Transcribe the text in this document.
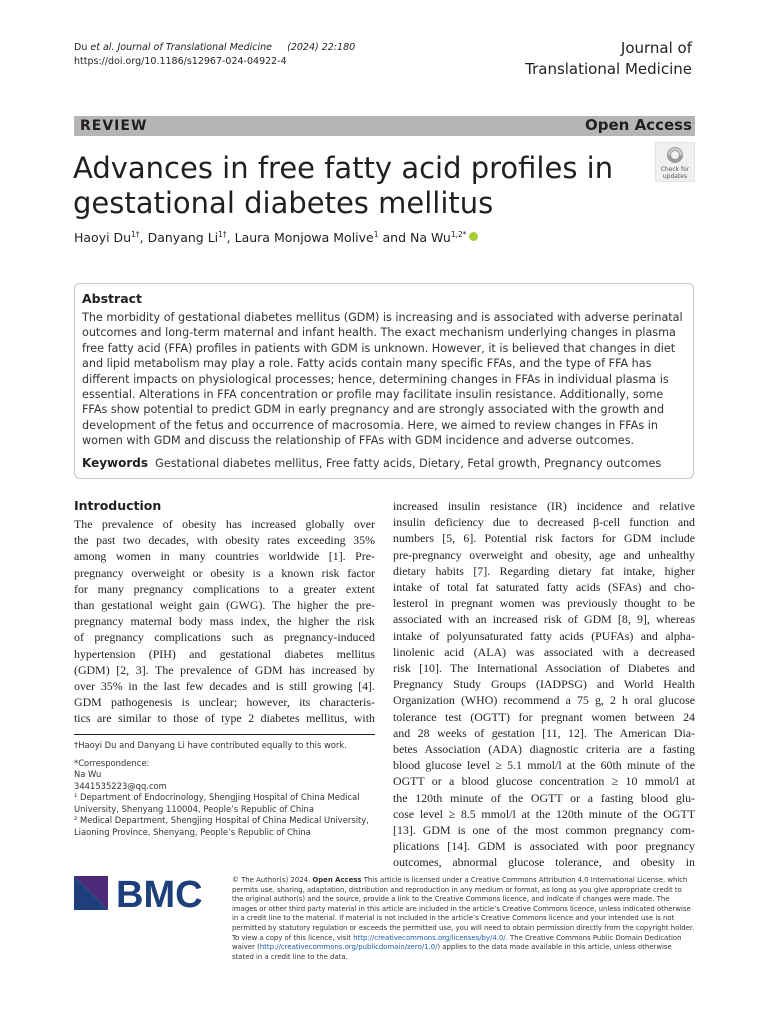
Du et al. Journal of Translational Medicine (2024) 22:180
https://doi.org/10.1186/s12967-024-04922-4
Journal of
Translational Medicine
REVIEW	Open Access
Advances in free fatty acid profiles in gestational diabetes mellitus
Check for
updates
Haoyi $Du^{1\dagger}$, Danyang $Li^{1\dagger}$, Laura Monjowa Molive$^1$ and Na $Wu^{1,2*}$
Abstract
The morbidity of gestational diabetes mellitus (GDM) is increasing and is associated with adverse perinatal outcomes and long-term maternal and infant health. The exact mechanism underlying changes in plasma free fatty acid (FFA) profiles in patients with GDM is unknown. However, it is believed that changes in diet and lipid metabolism may play a role. Fatty acids contain many specific FFAs, and the type of FFA has different impacts on physiological processes; hence, determining changes in FFAs in individual plasma is essential. Alterations in FFA concentration or profile may facilitate insulin resistance. Additionally, some FFAs show potential to predict GDM in early pregnancy and are strongly associated with the growth and development of the fetus and occurrence of macrosomia. Here, we aimed to review changes in FFAs in women with GDM and discuss the relationship of FFAs with GDM incidence and adverse outcomes.
Keywords Gestational diabetes mellitus, Free fatty acids, Dietary, Fetal growth, Pregnancy outcomes
Introduction
The prevalence of obesity has increased globally over
the past two decades, with obesity rates exceeding 35%
among women in many countries worldwide [1]. Pre-
pregnancy overweight or obesity is a known risk factor
for many pregnancy complications to a greater extent
than gestational weight gain (GWG). The higher the pre-
pregnancy maternal body mass index, the higher the risk
of pregnancy complications such as pregnancy-induced
hypertension (PIH) and gestational diabetes mellitus
(GDM) [2, 3]. The prevalence of GDM has increased by
over 35% in the last few decades and is still growing [4].
GDM pathogenesis is unclear; however, its characteris-
tics are similar to those of type 2 diabetes mellitus, with
increased insulin resistance (IR) incidence and relative
insulin deficiency due to decreased β-cell function and
numbers [5, 6]. Potential risk factors for GDM include
pre-pregnancy overweight and obesity, age and unhealthy
dietary habits [7]. Regarding dietary fat intake, higher
intake of total fat saturated fatty acids (SFAs) and cho-
lesterol in pregnant women was previously thought to be
associated with an increased risk of GDM [8, 9], whereas
intake of polyunsaturated fatty acids (PUFAs) and alpha-
linolenic acid (ALA) was associated with a decreased
risk [10]. The International Association of Diabetes and
Pregnancy Study Groups (IADPSG) and World Health
Organization (WHO) recommend a 75 g, 2 h oral glucose
tolerance test (OGTT) for pregnant women between 24
and 28 weeks of gestation [11, 12]. The American Dia-
betes Association (ADA) diagnostic criteria are a fasting
blood glucose level ≥ 5.1 mmol/l at the 60th minute of the
OGTT or a blood glucose concentration ≥ 10 mmol/l at
the 120th minute of the OGTT or a fasting blood glu-
cose level ≥ 8.5 mmol/l at the 120th minute of the OGTT
[13]. GDM is one of the most common pregnancy com-
plications [14]. GDM is associated with poor pregnancy
outcomes, abnormal glucose tolerance, and obesity in
†Haoyi Du and Danyang Li have contributed equally to this work.
*Correspondence:
Na Wu
3441535223@qq.com
¹ Department of Endocrinology, Shengjing Hospital of China Medical
University, Shenyang 110004, People’s Republic of China
² Medical Department, Shengjing Hospital of China Medical University,
Liaoning Province, Shenyang, People’s Republic of China
BMC	© The Author(s) 2024. Open Access This article is licensed under a Creative Commons Attribution 4.0 International License, which permits use, sharing, adaptation, distribution and reproduction in any medium or format, as long as you give appropriate credit to the original author(s) and the source, provide a link to the Creative Commons licence, and indicate if changes were made. The images or other third party material in this article are included in the article’s Creative Commons licence, unless indicated otherwise in a credit line to the material. If material is not included in the article’s Creative Commons licence and your intended use is not permitted by statutory regulation or exceeds the permitted use, you will need to obtain permission directly from the copyright holder. To view a copy of this licence, visit http://creativecommons.org/licenses/by/4.0/. The Creative Commons Public Domain Dedication waiver (http://creativecommons.org/publicdomain/zero/1.0/) applies to the data made available in this article, unless otherwise stated in a credit line to the data.
